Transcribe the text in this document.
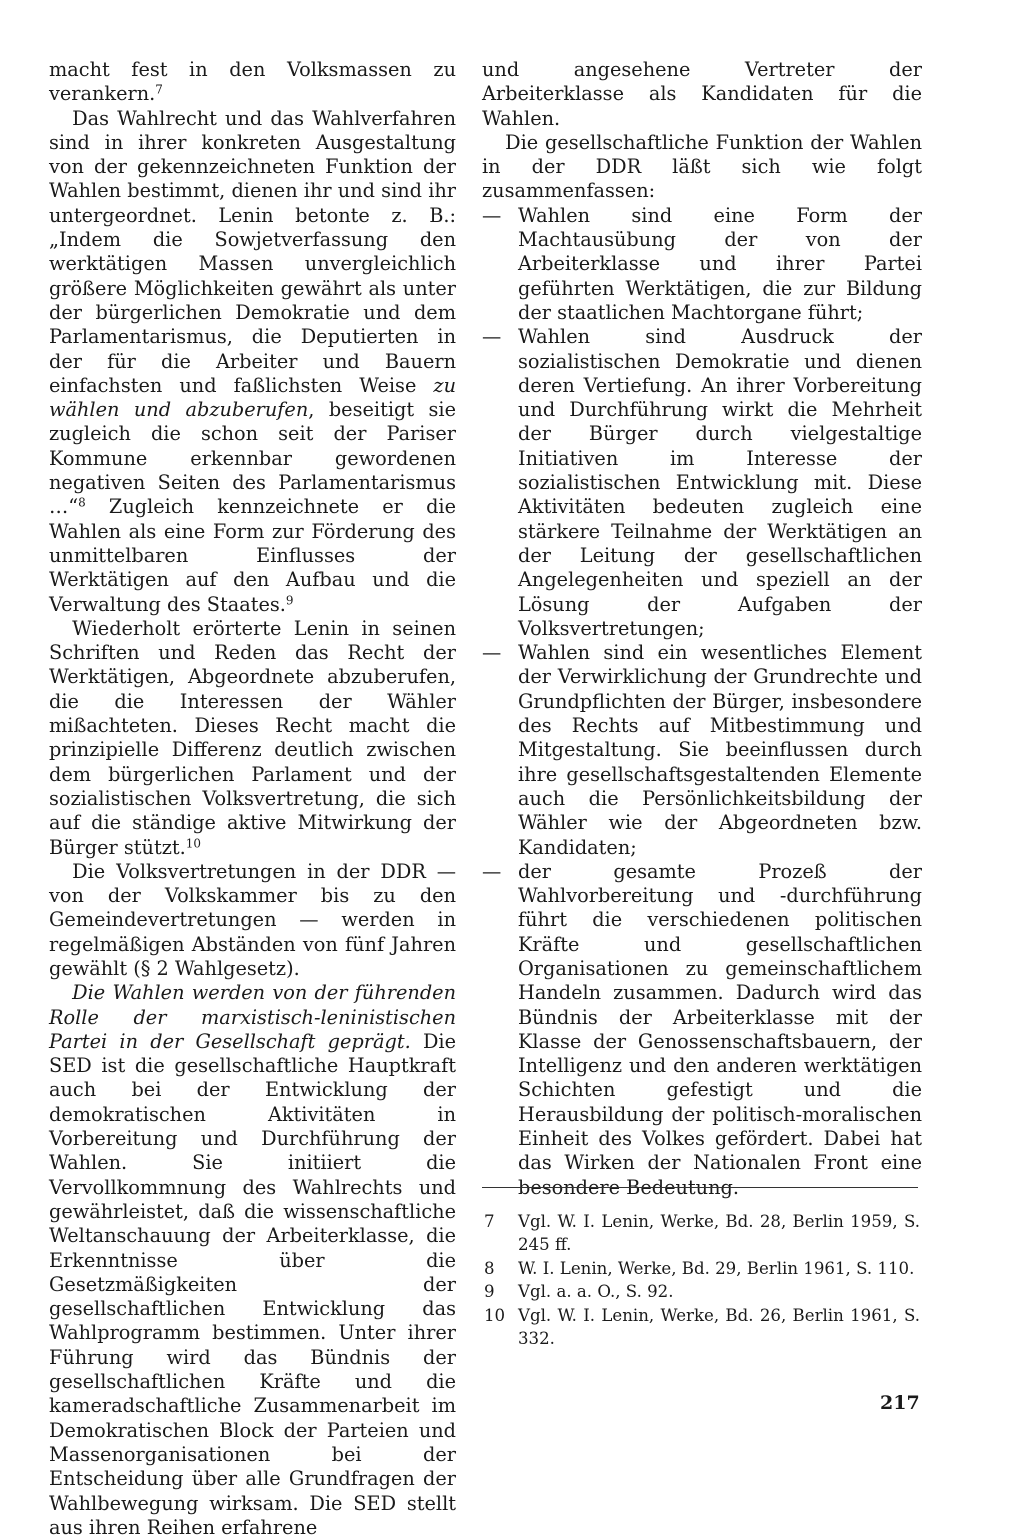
macht fest in den Volksmassen zu verankern.$^7$

Das Wahlrecht und das Wahlverfahren sind in ihrer konkreten Ausgestaltung von der gekennzeichneten Funktion der Wahlen bestimmt, dienen ihr und sind ihr untergeordnet. Lenin betonte z. B.: „Indem die Sowjetverfassung den werktätigen Massen unvergleichlich größere Möglichkeiten gewährt als unter der bürgerlichen Demokratie und dem Parlamentarismus, die Deputierten in der für die Arbeiter und Bauern einfachsten und faßlichsten Weise zu wählen und abzuberufen, beseitigt sie zugleich die schon seit der Pariser Kommune erkennbar gewordenen negativen Seiten des Parlamentarismus …“$^8$ Zugleich kennzeichnete er die Wahlen als eine Form zur Förderung des unmittelbaren Einflusses der Werktätigen auf den Aufbau und die Verwaltung des Staates.$^9$

Wiederholt erörterte Lenin in seinen Schriften und Reden das Recht der Werktätigen, Abgeordnete abzuberufen, die die Interessen der Wähler mißachteten. Dieses Recht macht die prinzipielle Differenz deutlich zwischen dem bürgerlichen Parlament und der sozialistischen Volksvertretung, die sich auf die ständige aktive Mitwirkung der Bürger stützt.$^{10}$

Die Volksvertretungen in der DDR — von der Volkskammer bis zu den Gemeindevertretungen — werden in regelmäßigen Abständen von fünf Jahren gewählt (§ 2 Wahlgesetz).

Die Wahlen werden von der führenden Rolle der marxistisch-leninistischen Partei in der Gesellschaft geprägt. Die SED ist die gesellschaftliche Hauptkraft auch bei der Entwicklung der demokratischen Aktivitäten in Vorbereitung und Durchführung der Wahlen. Sie initiiert die Vervollkommnung des Wahlrechts und gewährleistet, daß die wissenschaftliche Weltanschauung der Arbeiterklasse, die Erkenntnisse über die Gesetzmäßigkeiten der gesellschaftlichen Entwicklung das Wahlprogramm bestimmen. Unter ihrer Führung wird das Bündnis der gesellschaftlichen Kräfte und die kameradschaftliche Zusammenarbeit im Demokratischen Block der Parteien und Massenorganisationen bei der Entscheidung über alle Grundfragen der Wahlbewegung wirksam. Die SED stellt aus ihren Reihen erfahrene

und angesehene Vertreter der Arbeiterklasse als Kandidaten für die Wahlen.

Die gesellschaftliche Funktion der Wahlen in der DDR läßt sich wie folgt zusammenfassen:

— Wahlen sind eine Form der Machtausübung der von der Arbeiterklasse und ihrer Partei geführten Werktätigen, die zur Bildung der staatlichen Machtorgane führt;
— Wahlen sind Ausdruck der sozialistischen Demokratie und dienen deren Vertiefung. An ihrer Vorbereitung und Durchführung wirkt die Mehrheit der Bürger durch vielgestaltige Initiativen im Interesse der sozialistischen Entwicklung mit. Diese Aktivitäten bedeuten zugleich eine stärkere Teilnahme der Werktätigen an der Leitung der gesellschaftlichen Angelegenheiten und speziell an der Lösung der Aufgaben der Volksvertretungen;
— Wahlen sind ein wesentliches Element der Verwirklichung der Grundrechte und Grundpflichten der Bürger, insbesondere des Rechts auf Mitbestimmung und Mitgestaltung. Sie beeinflussen durch ihre gesellschaftsgestaltenden Elemente auch die Persönlichkeitsbildung der Wähler wie der Abgeordneten bzw. Kandidaten;
— der gesamte Prozeß der Wahlvorbereitung und -durchführung führt die verschiedenen politischen Kräfte und gesellschaftlichen Organisationen zu gemeinschaftlichem Handeln zusammen. Dadurch wird das Bündnis der Arbeiterklasse mit der Klasse der Genossenschaftsbauern, der Intelligenz und den anderen werktätigen Schichten gefestigt und die Herausbildung der politisch-moralischen Einheit des Volkes gefördert. Dabei hat das Wirken der Nationalen Front eine besondere Bedeutung.
7	Vgl. W. I. Lenin, Werke, Bd. 28, Berlin 1959, S. 245 ff.
8	W. I. Lenin, Werke, Bd. 29, Berlin 1961, S. 110.
9	Vgl. a. a. O., S. 92.
10 Vgl. W. I. Lenin, Werke, Bd. 26, Berlin 1961, S. 332.
217
